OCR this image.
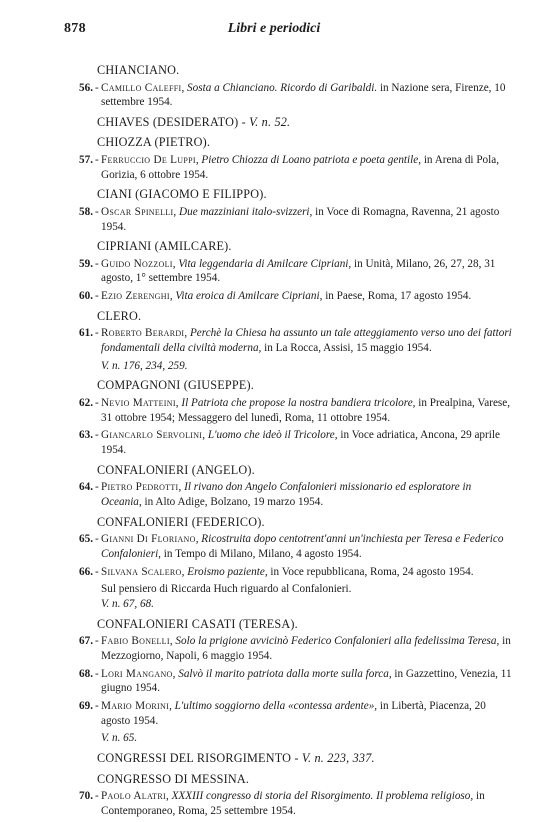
878	Libri e periodici
CHIANCIANO.
56. - Camillo Caleffi, Sosta a Chianciano. Ricordo di Garibaldi. in Nazione sera, Firenze, 10 settembre 1954.
CHIAVES (DESIDERATO) - V. n. 52.
CHIOZZA (PIETRO).
57. - Ferruccio De Luppi, Pietro Chiozza di Loano patriota e poeta gentile, in Arena di Pola, Gorizia, 6 ottobre 1954.
CIANI (GIACOMO E FILIPPO).
58. - Oscar Spinelli, Due mazziniani italo-svizzeri, in Voce di Romagna, Ravenna, 21 agosto 1954.
CIPRIANI (AMILCARE).
59. - Guido Nozzoli, Vita leggendaria di Amilcare Cipriani, in Unità, Milano, 26, 27, 28, 31 agosto, 1° settembre 1954.
60. - Ezio Zerenghi, Vita eroica di Amilcare Cipriani, in Paese, Roma, 17 agosto 1954.
CLERO.
61. - Roberto Berardi, Perchè la Chiesa ha assunto un tale atteggiamento verso uno dei fattori fondamentali della civiltà moderna, in La Rocca, Assisi, 15 maggio 1954.
V. n. 176, 234, 259.
COMPAGNONI (GIUSEPPE).
62. - Nevio Matteini, Il Patriota che propose la nostra bandiera tricolore, in Prealpina, Varese, 31 ottobre 1954; Messaggero del lunedì, Roma, 11 ottobre 1954.
63. - Giancarlo Servolini, L'uomo che ideò il Tricolore, in Voce adriatica, Ancona, 29 aprile 1954.
CONFALONIERI (ANGELO).
64. - Pietro Pedrotti, Il rivano don Angelo Confalonieri missionario ed esploratore in Oceania, in Alto Adige, Bolzano, 19 marzo 1954.
CONFALONIERI (FEDERICO).
65. - Gianni Di Floriano, Ricostruita dopo centotrent'anni un'inchiesta per Teresa e Federico Confalonieri, in Tempo di Milano, Milano, 4 agosto 1954.
66. - Silvana Scalero, Eroismo paziente, in Voce repubblicana, Roma, 24 agosto 1954.
Sul pensiero di Riccarda Huch riguardo al Confalonieri.
V. n. 67, 68.
CONFALONIERI CASATI (TERESA).
67. - Fabio Bonelli, Solo la prigione avvicinò Federico Confalonieri alla fedelissima Teresa, in Mezzogiorno, Napoli, 6 maggio 1954.
68. - Lori Mangano, Salvò il marito patriota dalla morte sulla forca, in Gazzettino, Venezia, 11 giugno 1954.
69. - Mario Morini, L'ultimo soggiorno della «contessa ardente», in Libertà, Piacenza, 20 agosto 1954.
V. n. 65.
CONGRESSI DEL RISORGIMENTO - V. n. 223, 337.
CONGRESSO DI MESSINA.
70. - Paolo Alatri, XXXIII congresso di storia del Risorgimento. Il problema religioso, in Contemporaneo, Roma, 25 settembre 1954.
